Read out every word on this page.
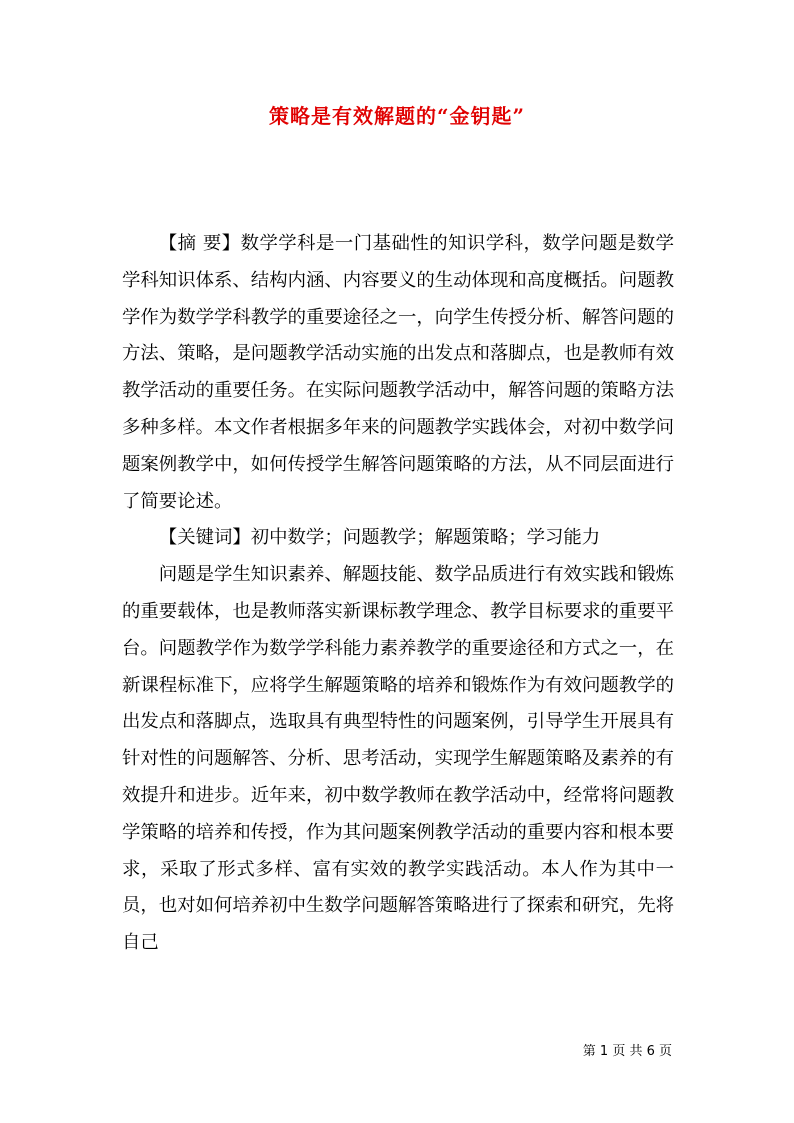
策略是有效解题的“金钥匙”

【摘 要】数学学科是一门基础性的知识学科，数学问题是数学学科知识体系、结构内涵、内容要义的生动体现和高度概括。问题教学作为数学学科教学的重要途径之一，向学生传授分析、解答问题的方法、策略，是问题教学活动实施的出发点和落脚点，也是教师有效教学活动的重要任务。在实际问题教学活动中，解答问题的策略方法多种多样。本文作者根据多年来的问题教学实践体会，对初中数学问题案例教学中，如何传授学生解答问题策略的方法，从不同层面进行了简要论述。

【关键词】初中数学；问题教学；解题策略；学习能力

问题是学生知识素养、解题技能、数学品质进行有效实践和锻炼的重要载体，也是教师落实新课标教学理念、教学目标要求的重要平台。问题教学作为数学学科能力素养教学的重要途径和方式之一，在新课程标准下，应将学生解题策略的培养和锻炼作为有效问题教学的出发点和落脚点，选取具有典型特性的问题案例，引导学生开展具有针对性的问题解答、分析、思考活动，实现学生解题策略及素养的有效提升和进步。近年来，初中数学教师在教学活动中，经常将问题教学策略的培养和传授，作为其问题案例教学活动的重要内容和根本要求，采取了形式多样、富有实效的教学实践活动。本人作为其中一员，也对如何培养初中生数学问题解答策略进行了探索和研究，先将自己

第 1 页 共 6 页
